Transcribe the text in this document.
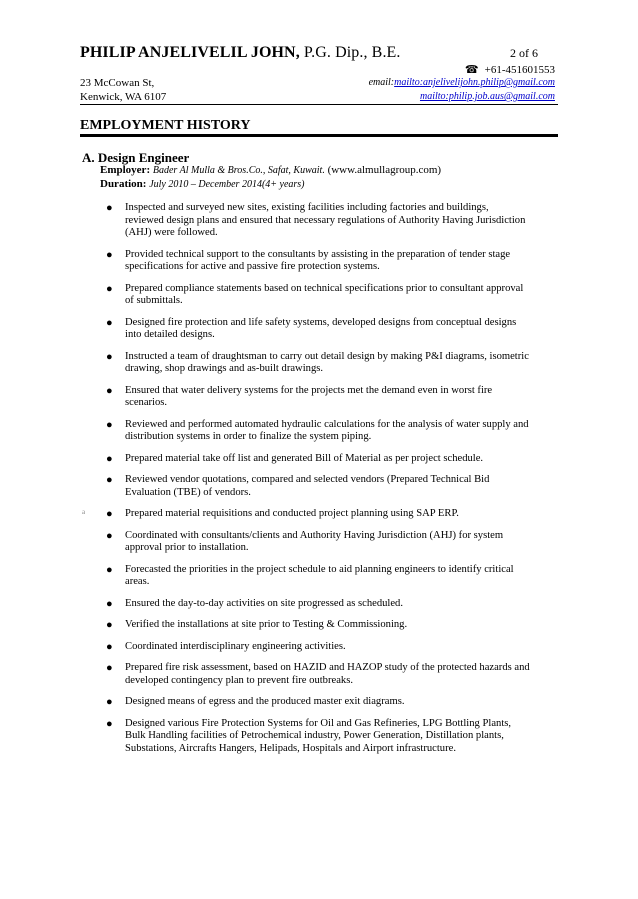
PHILIP ANJELIVELIL JOHN, P.G. Dip., B.E.	2 of 6
☎ +61-451601553
23 McCowan St,
Kenwick, WA 6107
email:mailto:anjelivelijohn.philip@gmail.com
mailto:philip.job.aus@gmail.com
EMPLOYMENT HISTORY
A. Design Engineer
Employer: Bader Al Mulla & Bros.Co., Safat, Kuwait. (www.almullagroup.com)
Duration: July 2010 – December 2014(4+ years)
a
● Inspected and surveyed new sites, existing facilities including factories and buildings, reviewed design plans and ensured that necessary regulations of Authority Having Jurisdiction (AHJ) were followed.
● Provided technical support to the consultants by assisting in the preparation of tender stage specifications for active and passive fire protection systems.
● Prepared compliance statements based on technical specifications prior to consultant approval of submittals.
● Designed fire protection and life safety systems, developed designs from conceptual designs into detailed designs.
● Instructed a team of draughtsman to carry out detail design by making P&I diagrams, isometric drawing, shop drawings and as-built drawings.
● Ensured that water delivery systems for the projects met the demand even in worst fire scenarios.
● Reviewed and performed automated hydraulic calculations for the analysis of water supply and distribution systems in order to finalize the system piping.
● Prepared material take off list and generated Bill of Material as per project schedule.
● Reviewed vendor quotations, compared and selected vendors (Prepared Technical Bid Evaluation (TBE) of vendors.
● Prepared material requisitions and conducted project planning using SAP ERP.
● Coordinated with consultants/clients and Authority Having Jurisdiction (AHJ) for system approval prior to installation.
● Forecasted the priorities in the project schedule to aid planning engineers to identify critical areas.
● Ensured the day-to-day activities on site progressed as scheduled.
● Verified the installations at site prior to Testing & Commissioning.
● Coordinated interdisciplinary engineering activities.
● Prepared fire risk assessment, based on HAZID and HAZOP study of the protected hazards and developed contingency plan to prevent fire outbreaks.
● Designed means of egress and the produced master exit diagrams.
● Designed various Fire Protection Systems for Oil and Gas Refineries, LPG Bottling Plants, Bulk Handling facilities of Petrochemical industry, Power Generation, Distillation plants, Substations, Aircrafts Hangers, Helipads, Hospitals and Airport infrastructure.
